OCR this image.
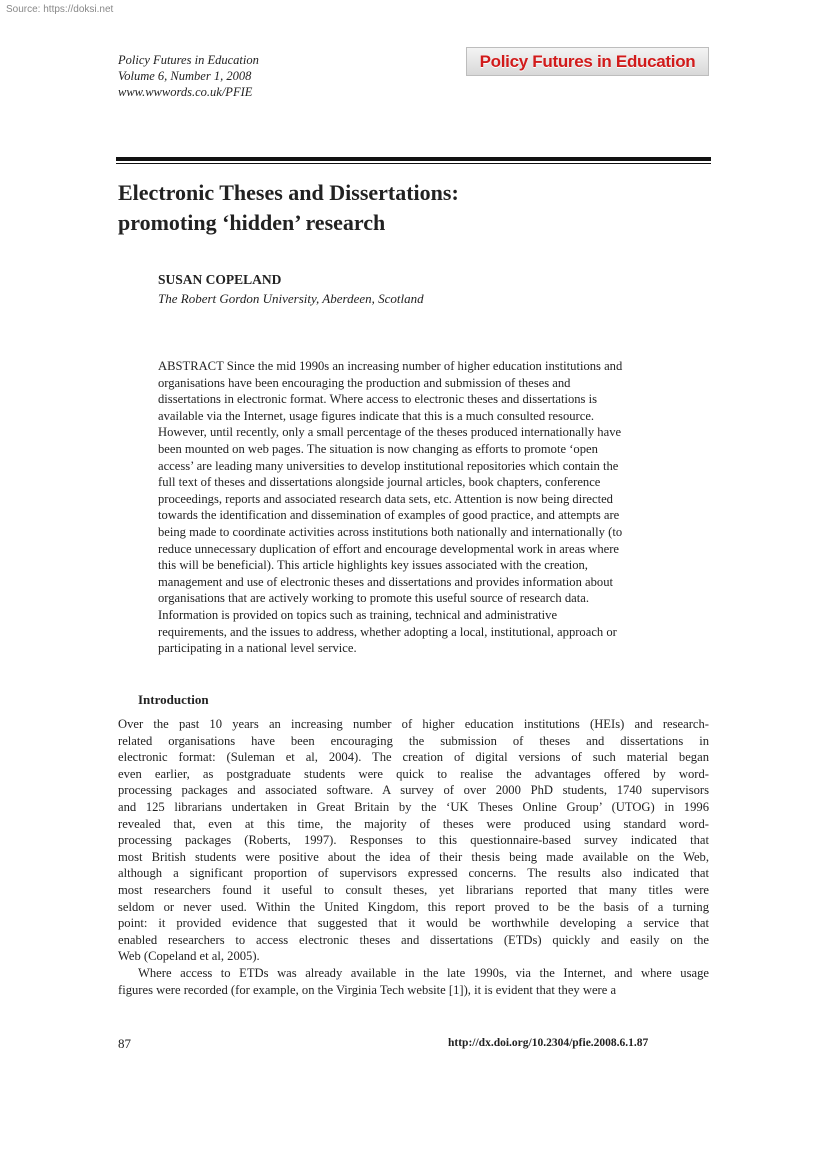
Source: https://doksi.net
Policy Futures in Education
Volume 6, Number 1, 2008
www.wwwords.co.uk/PFIE
Policy Futures in Education
Electronic Theses and Dissertations:
promoting ‘hidden’ research
SUSAN COPELAND
The Robert Gordon University, Aberdeen, Scotland
ABSTRACT Since the mid 1990s an increasing number of higher education institutions and
organisations have been encouraging the production and submission of theses and
dissertations in electronic format. Where access to electronic theses and dissertations is
available via the Internet, usage figures indicate that this is a much consulted resource.
However, until recently, only a small percentage of the theses produced internationally have
been mounted on web pages. The situation is now changing as efforts to promote ‘open
access’ are leading many universities to develop institutional repositories which contain the
full text of theses and dissertations alongside journal articles, book chapters, conference
proceedings, reports and associated research data sets, etc. Attention is now being directed
towards the identification and dissemination of examples of good practice, and attempts are
being made to coordinate activities across institutions both nationally and internationally (to
reduce unnecessary duplication of effort and encourage developmental work in areas where
this will be beneficial). This article highlights key issues associated with the creation,
management and use of electronic theses and dissertations and provides information about
organisations that are actively working to promote this useful source of research data.
Information is provided on topics such as training, technical and administrative
requirements, and the issues to address, whether adopting a local, institutional, approach or
participating in a national level service.
Introduction
Over the past 10 years an increasing number of higher education institutions (HEIs) and research-
related organisations have been encouraging the submission of theses and dissertations in
electronic format: (Suleman et al, 2004). The creation of digital versions of such material began
even earlier, as postgraduate students were quick to realise the advantages offered by word-
processing packages and associated software. A survey of over 2000 PhD students, 1740 supervisors
and 125 librarians undertaken in Great Britain by the ‘UK Theses Online Group’ (UTOG) in 1996
revealed that, even at this time, the majority of theses were produced using standard word-
processing packages (Roberts, 1997). Responses to this questionnaire-based survey indicated that
most British students were positive about the idea of their thesis being made available on the Web,
although a significant proportion of supervisors expressed concerns. The results also indicated that
most researchers found it useful to consult theses, yet librarians reported that many titles were
seldom or never used. Within the United Kingdom, this report proved to be the basis of a turning
point: it provided evidence that suggested that it would be worthwhile developing a service that
enabled researchers to access electronic theses and dissertations (ETDs) quickly and easily on the
Web (Copeland et al, 2005).
Where access to ETDs was already available in the late 1990s, via the Internet, and where usage
figures were recorded (for example, on the Virginia Tech website [1]), it is evident that they were a
87	http://dx.doi.org/10.2304/pfie.2008.6.1.87
